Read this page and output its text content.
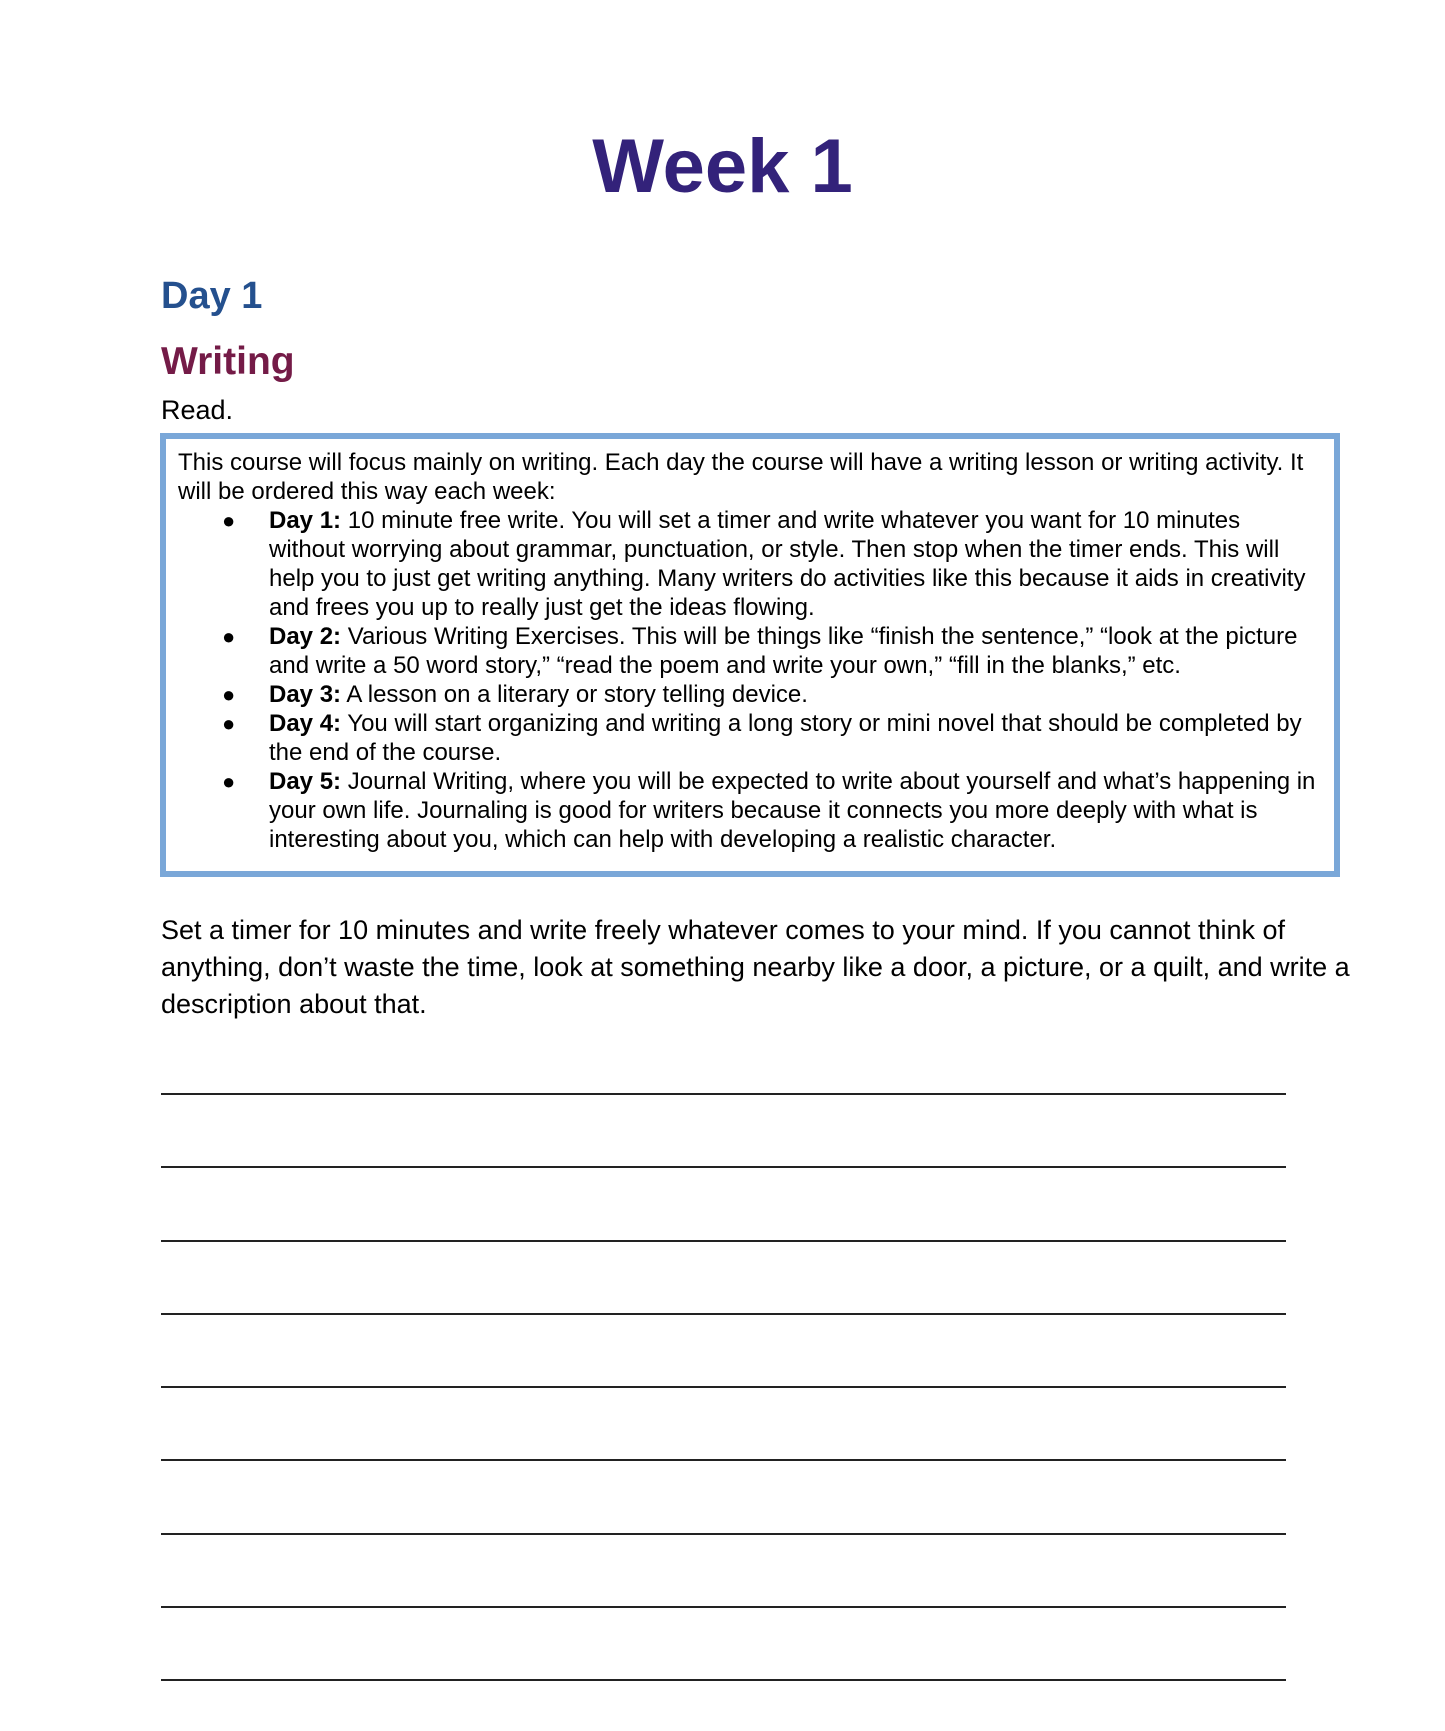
Week 1
Day 1
Writing

Read.

This course will focus mainly on writing. Each day the course will have a writing lesson or writing activity. It will be ordered this way each week:

●	Day 1: 10 minute free write. You will set a timer and write whatever you want for 10 minutes without worrying about grammar, punctuation, or style. Then stop when the timer ends. This will help you to just get writing anything. Many writers do activities like this because it aids in creativity and frees you up to really just get the ideas flowing.
●	Day 2: Various Writing Exercises. This will be things like “finish the sentence,” “look at the picture and write a 50 word story,” “read the poem and write your own,” “fill in the blanks,” etc.
●	Day 3: A lesson on a literary or story telling device.
●	Day 4: You will start organizing and writing a long story or mini novel that should be completed by the end of the course.
●	Day 5: Journal Writing, where you will be expected to write about yourself and what’s happening in your own life. Journaling is good for writers because it connects you more deeply with what is interesting about you, which can help with developing a realistic character.

Set a timer for 10 minutes and write freely whatever comes to your mind. If you cannot think of anything, don’t waste the time, look at something nearby like a door, a picture, or a quilt, and write a description about that.
